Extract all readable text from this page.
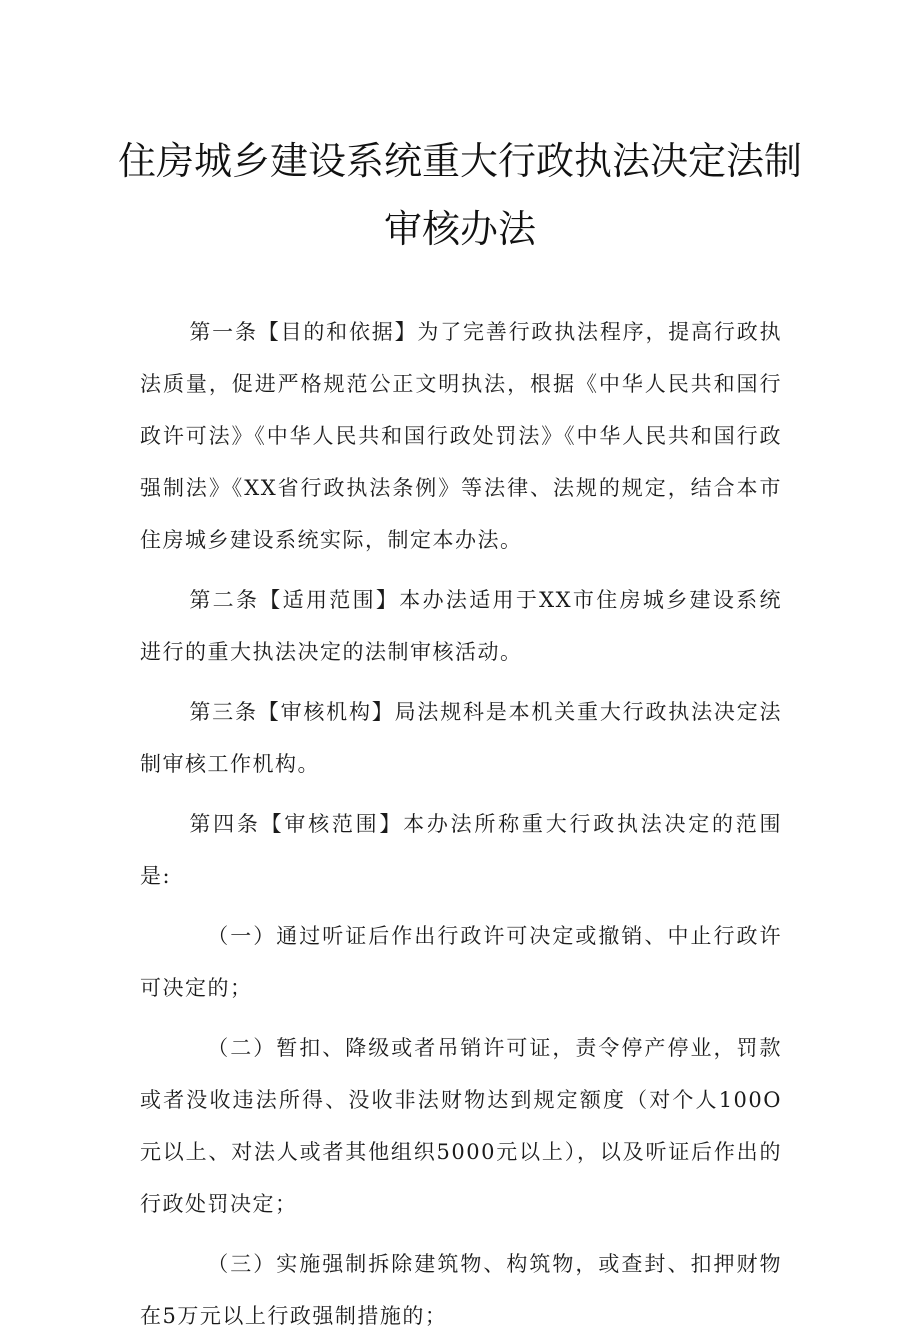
住房城乡建设系统重大行政执法决定法制
审核办法

第一条【目的和依据】为了完善行政执法程序，提高行政执法质量，促进严格规范公正文明执法，根据《中华人民共和国行政许可法》《中华人民共和国行政处罚法》《中华人民共和国行政强制法》《XX省行政执法条例》等法律、法规的规定，结合本市住房城乡建设系统实际，制定本办法。

第二条【适用范围】本办法适用于XX市住房城乡建设系统进行的重大执法决定的法制审核活动。

第三条【审核机构】局法规科是本机关重大行政执法决定法制审核工作机构。

第四条【审核范围】本办法所称重大行政执法决定的范围是:

（一）通过听证后作出行政许可决定或撤销、中止行政许可决定的；

（二）暂扣、降级或者吊销许可证，责令停产停业，罚款或者没收违法所得、没收非法财物达到规定额度（对个人100O元以上、对法人或者其他组织5000元以上），以及听证后作出的行政处罚决定；

（三）实施强制拆除建筑物、构筑物，或查封、扣押财物在5万元以上行政强制措施的；
